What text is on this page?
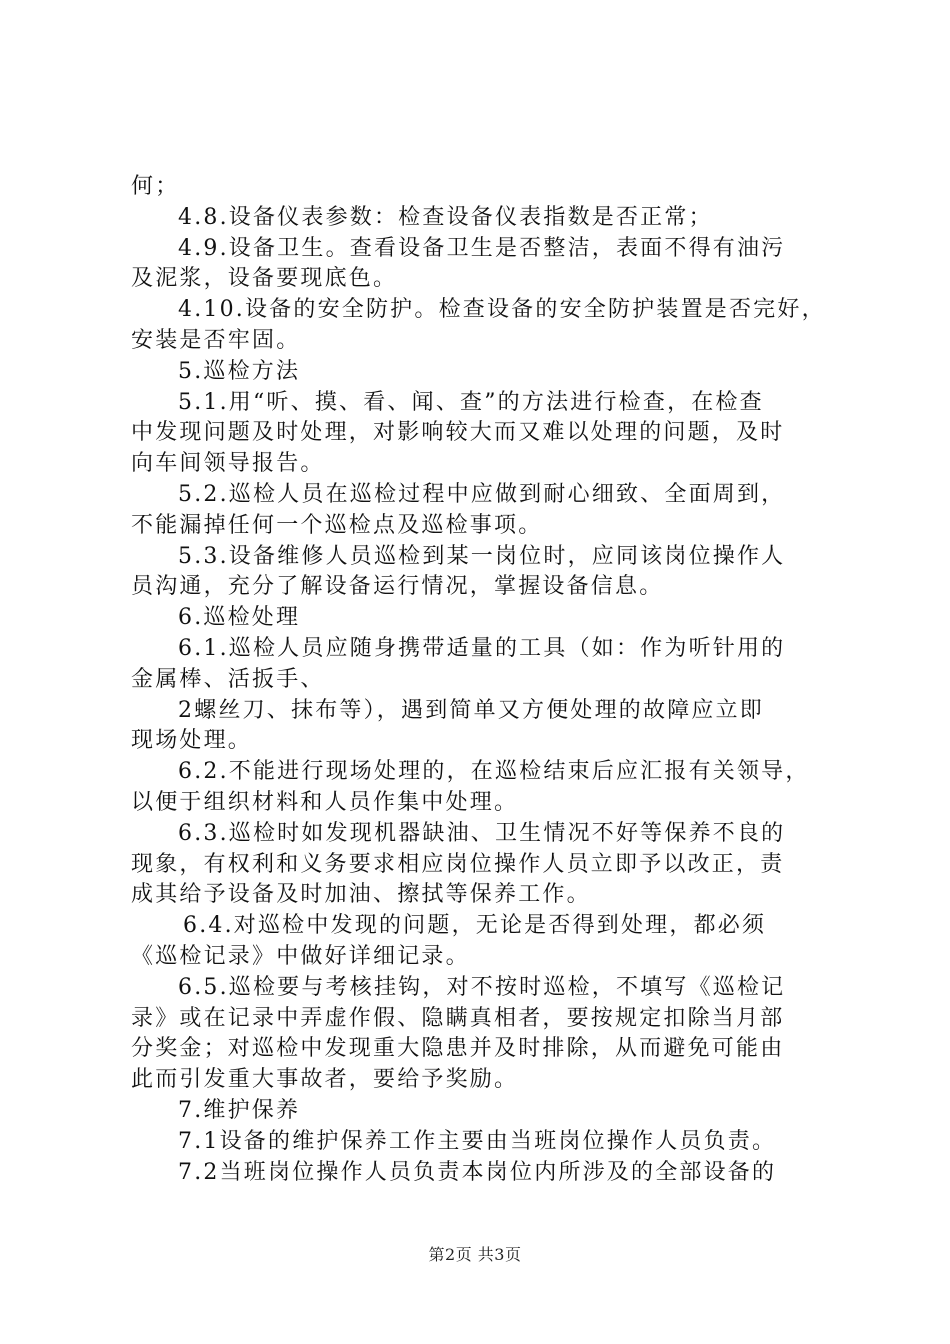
何；
4.8.设备仪表参数：检查设备仪表指数是否正常；
4.9.设备卫生。查看设备卫生是否整洁，表面不得有油污
及泥浆，设备要现底色。
4.10.设备的安全防护。检查设备的安全防护装置是否完好，
安装是否牢固。
5.巡检方法
5.1.用“听、摸、看、闻、查”的方法进行检查，在检查
中发现问题及时处理，对影响较大而又难以处理的问题，及时
向车间领导报告。
5.2.巡检人员在巡检过程中应做到耐心细致、全面周到，
不能漏掉任何一个巡检点及巡检事项。
5.3.设备维修人员巡检到某一岗位时，应同该岗位操作人
员沟通，充分了解设备运行情况，掌握设备信息。
6.巡检处理
6.1.巡检人员应随身携带适量的工具（如：作为听针用的
金属棒、活扳手、
2螺丝刀、抹布等），遇到简单又方便处理的故障应立即
现场处理。
6.2.不能进行现场处理的，在巡检结束后应汇报有关领导，
以便于组织材料和人员作集中处理。
6.3.巡检时如发现机器缺油、卫生情况不好等保养不良的
现象，有权利和义务要求相应岗位操作人员立即予以改正，责
成其给予设备及时加油、擦拭等保养工作。
6.4.对巡检中发现的问题，无论是否得到处理，都必须
《巡检记录》中做好详细记录。
6.5.巡检要与考核挂钩，对不按时巡检，不填写《巡检记
录》或在记录中弄虚作假、隐瞒真相者，要按规定扣除当月部
分奖金；对巡检中发现重大隐患并及时排除，从而避免可能由
此而引发重大事故者，要给予奖励。
7.维护保养
7.1设备的维护保养工作主要由当班岗位操作人员负责。
7.2当班岗位操作人员负责本岗位内所涉及的全部设备的
第2页 共3页
